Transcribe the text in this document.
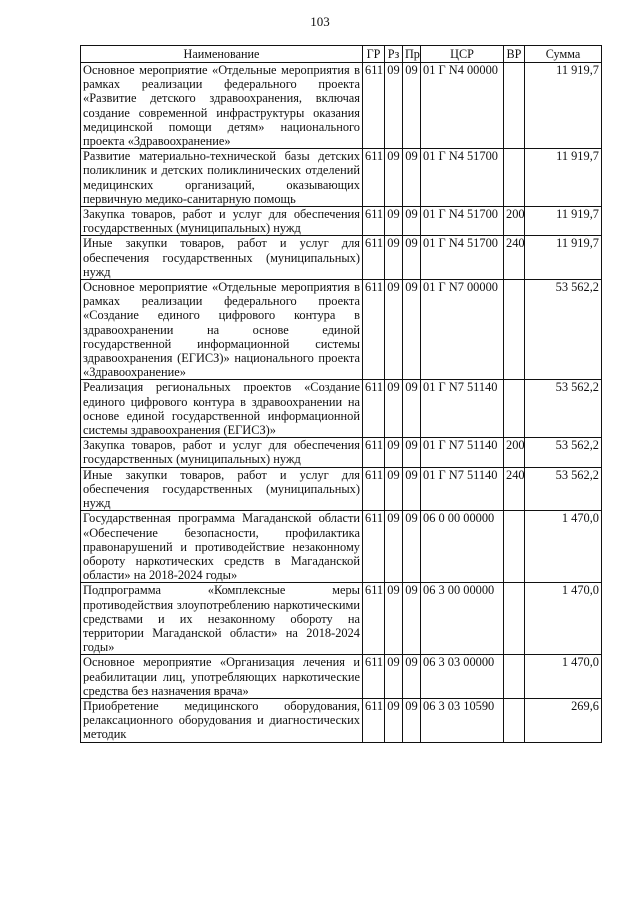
103
Наименование	ГР	Рз	Пр	ЦСР	ВР	Сумма
Основное мероприятие «Отдельные мероприятия в рамках реализации федерального проекта «Развитие детского здравоохранения, включая создание современной инфраструктуры оказания медицинской помощи детям» национального проекта «Здравоохранение»	611	09	09	01 Г N4 00000		11 919,7
Развитие материально-технической базы детских поликлиник и детских поликлинических отделений медицинских организаций, оказывающих первичную медико-санитарную помощь	611	09	09	01 Г N4 51700		11 919,7
Закупка товаров, работ и услуг для обеспечения государственных (муниципальных) нужд	611	09	09	01 Г N4 51700	200	11 919,7
Иные закупки товаров, работ и услуг для обеспечения государственных (муниципальных) нужд	611	09	09	01 Г N4 51700	240	11 919,7
Основное мероприятие «Отдельные мероприятия в рамках реализации федерального проекта «Создание единого цифрового контура в здравоохранении на основе единой государственной информационной системы здравоохранения (ЕГИСЗ)» национального проекта «Здравоохранение»	611	09	09	01 Г N7 00000		53 562,2
Реализация региональных проектов «Создание единого цифрового контура в здравоохранении на основе единой государственной информационной системы здравоохранения (ЕГИСЗ)»	611	09	09	01 Г N7 51140		53 562,2
Закупка товаров, работ и услуг для обеспечения государственных (муниципальных) нужд	611	09	09	01 Г N7 51140	200	53 562,2
Иные закупки товаров, работ и услуг для обеспечения государственных (муниципальных) нужд	611	09	09	01 Г N7 51140	240	53 562,2
Государственная программа Магаданской области «Обеспечение безопасности, профилактика правонарушений и противодействие незаконному обороту наркотических средств в Магаданской области» на 2018-2024 годы»	611	09	09	06 0 00 00000		1 470,0
Подпрограмма «Комплексные меры противодействия злоупотреблению наркотическими средствами и их незаконному обороту на территории Магаданской области» на 2018-2024 годы»	611	09	09	06 3 00 00000		1 470,0
Основное мероприятие «Организация лечения и реабилитации лиц, употребляющих наркотические средства без назначения врача»	611	09	09	06 3 03 00000		1 470,0
Приобретение медицинского оборудования, релаксационного оборудования и диагностических методик	611	09	09	06 3 03 10590		269,6
